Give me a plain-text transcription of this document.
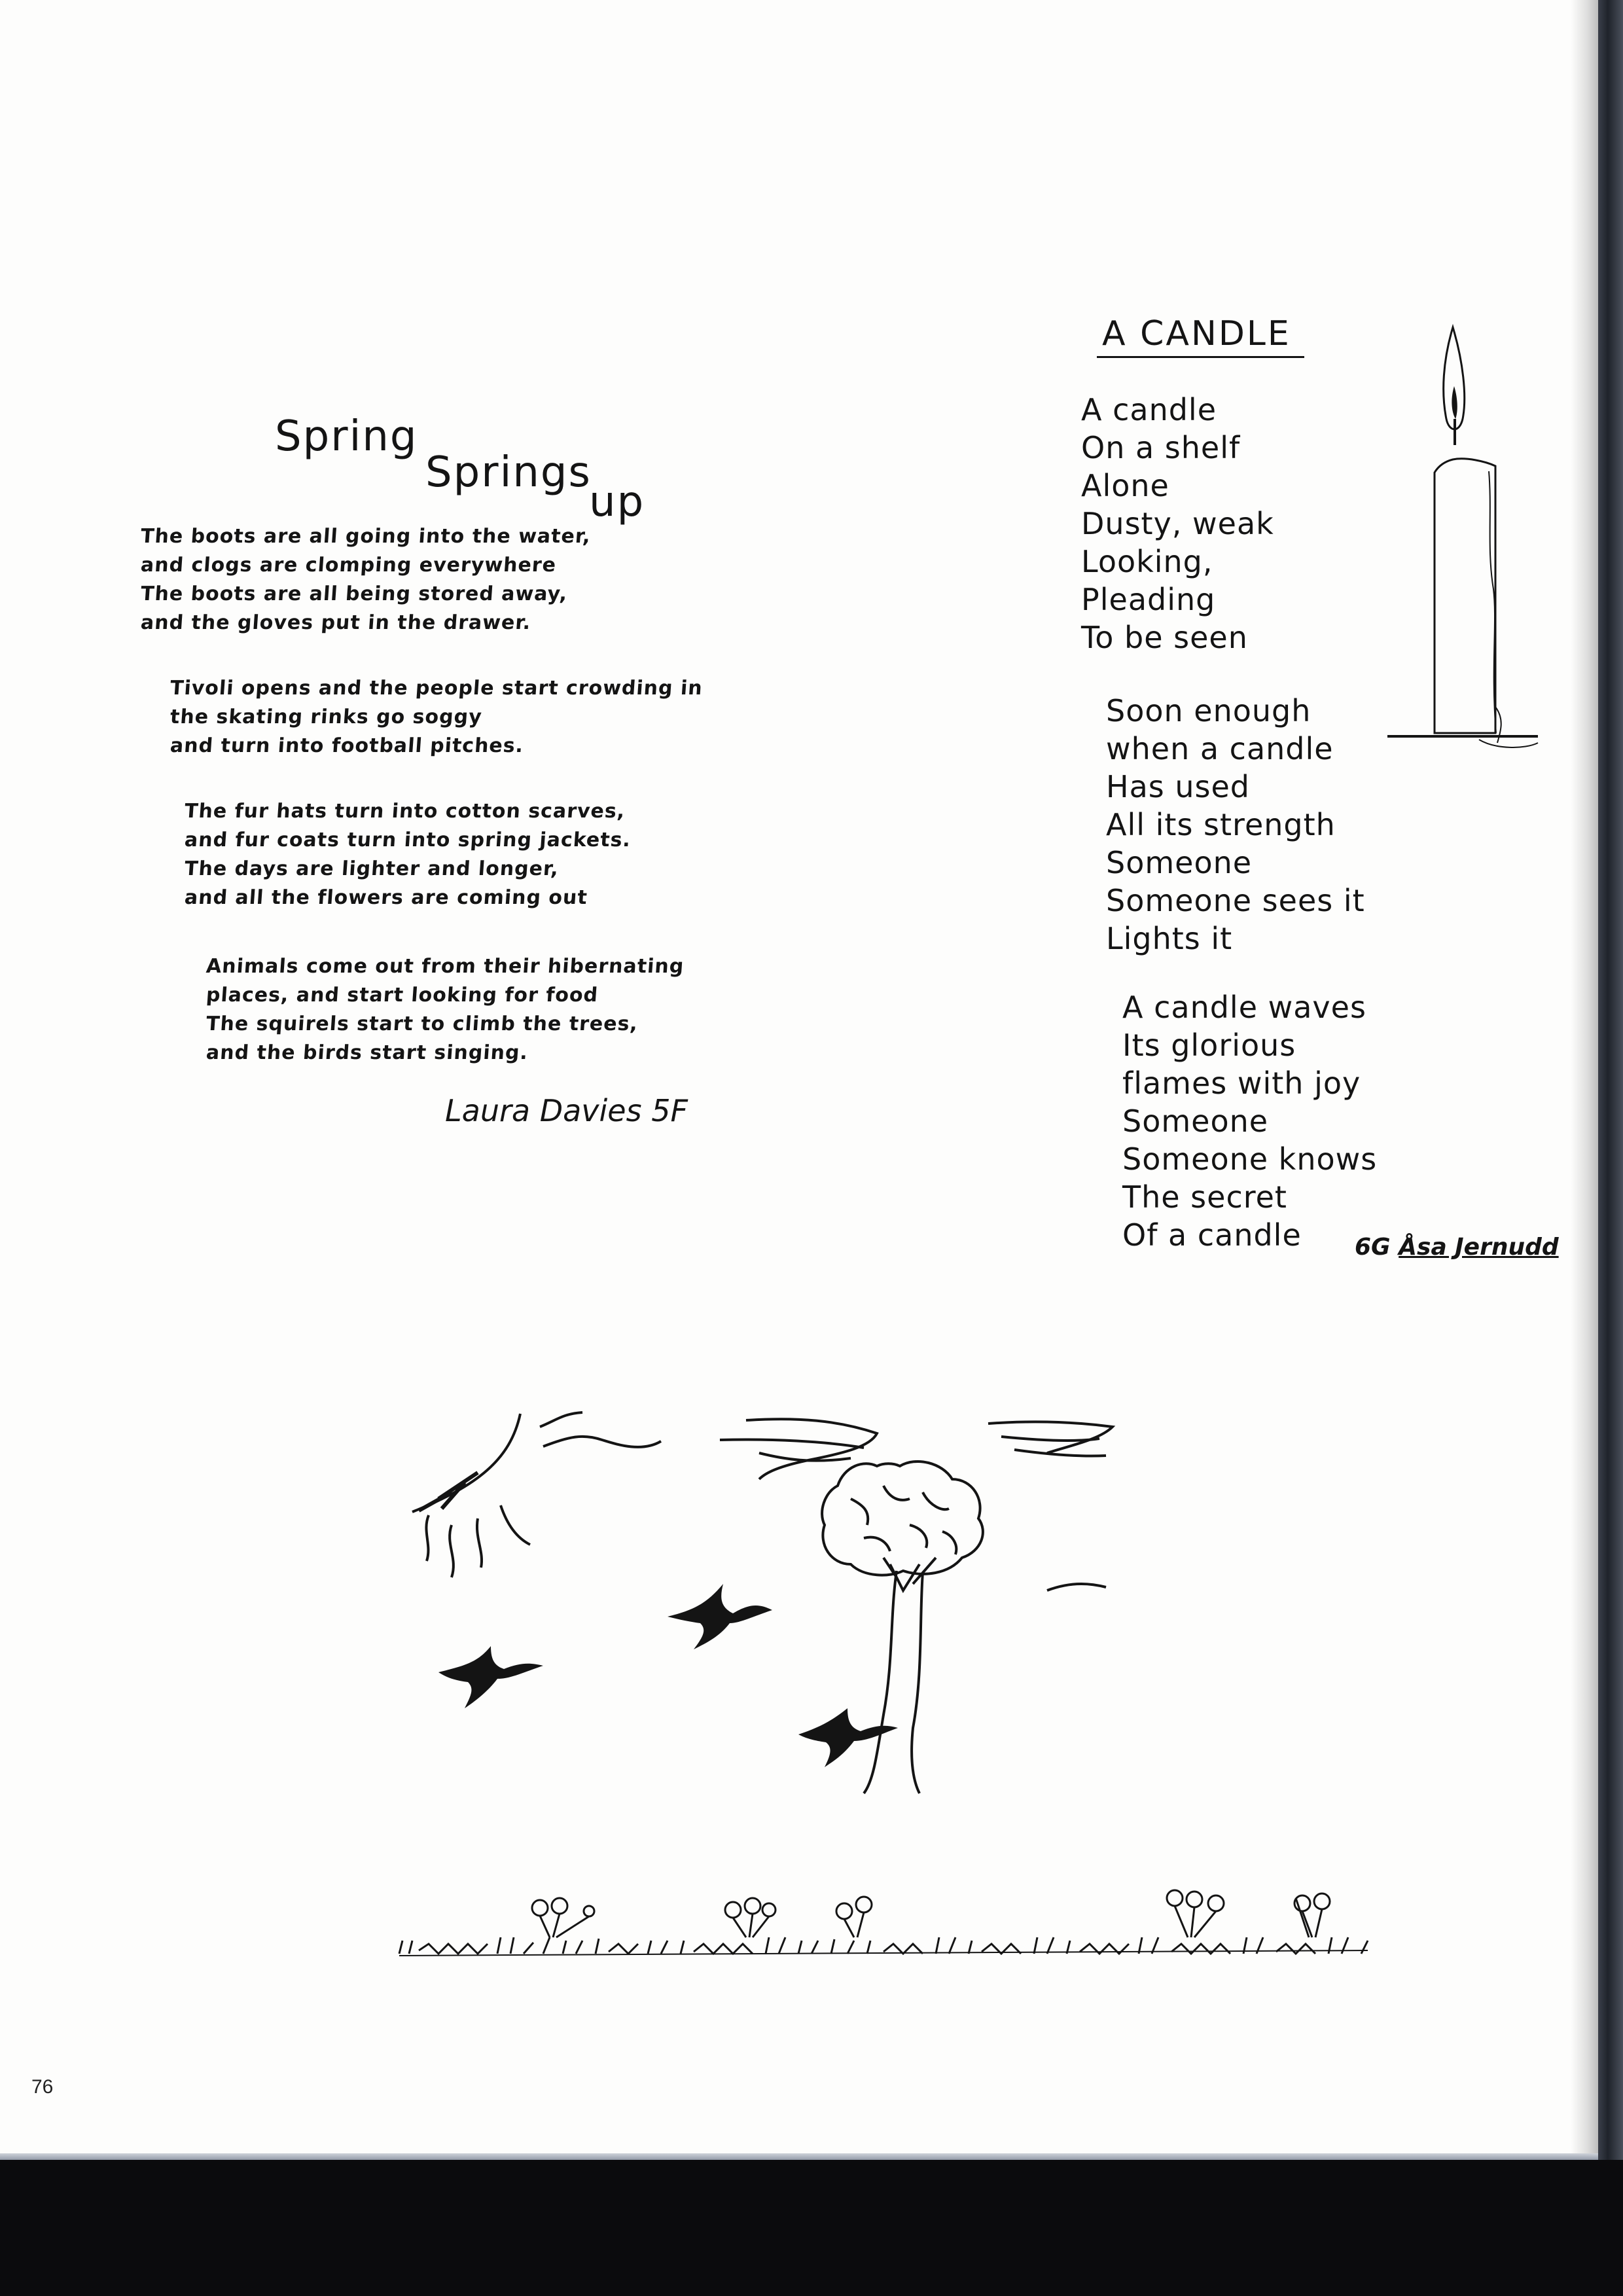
Spring
Springs
up
The boots are all going into the water,
and clogs are clomping everywhere
The boots are all being stored away,
and the gloves put in the drawer.
Tivoli opens and the people start crowding in
the skating rinks go soggy
and turn into football pitches.
The fur hats turn into cotton scarves,
and fur coats turn into spring jackets.
The days are lighter and longer,
and all the flowers are coming out
Animals come out from their hibernating
places, and start looking for food
The squirels start to climb the trees,
and the birds start singing.
Laura Davies 5F
A CANDLE
A candle
On a shelf
Alone
Dusty, weak
Looking,
Pleading
To be seen
Soon enough
when a candle
Has used
All its strength
Someone
Someone sees it
Lights it
A candle waves
Its glorious
flames with joy
Someone
Someone knows
The secret
Of a candle	6G Åsa Jernudd
76
